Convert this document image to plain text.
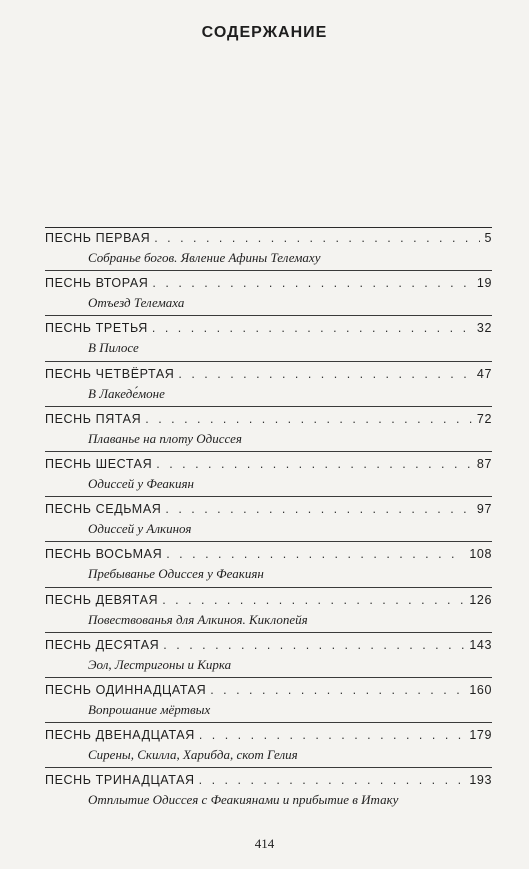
СОДЕРЖАНИЕ
ПЕСНЬ ПЕРВАЯ . . .	5
Собранье богов. Явление Афины Телемаху
ПЕСНЬ ВТОРАЯ . . .	19
Отъезд Телемаха
ПЕСНЬ ТРЕТЬЯ . . .	32
В Пилосе
ПЕСНЬ ЧЕТВЁРТАЯ . . .	47
В Лакеде́моне
ПЕСНЬ ПЯТАЯ . . .	72
Плаванье на плоту Одиссея
ПЕСНЬ ШЕСТАЯ . . .	87
Одиссей у Феакиян
ПЕСНЬ СЕДЬМАЯ . . .	97
Одиссей у Алкиноя
ПЕСНЬ ВОСЬМАЯ . . .	108
Пребыванье Одиссея у Феакиян
ПЕСНЬ ДЕВЯТАЯ . . .	126
Повествованья для Алкиноя. Киклопейя
ПЕСНЬ ДЕСЯТАЯ . . .	143
Эол, Лестригоны и Кирка
ПЕСНЬ ОДИННАДЦАТАЯ . . .	160
Вопрошание мёртвых
ПЕСНЬ ДВЕНАДЦАТАЯ . . .	179
Сирены, Скилла, Харибда, скот Гелия
ПЕСНЬ ТРИНАДЦАТАЯ . . .	193
Отплытие Одиссея с Феакиянами и прибытие в Итаку
414
